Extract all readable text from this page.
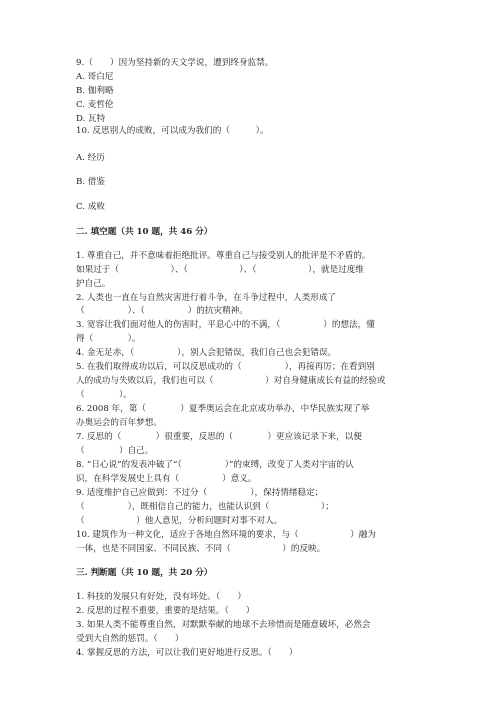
9.（　　）因为坚持新的天文学说，遭到终身监禁。
A. 哥白尼
B. 伽利略
C. 麦哲伦
D. 瓦特
10. 反思别人的成败，可以成为我们的（　　　）。
A. 经历
B. 借鉴
C. 成败
二. 填空题（共 10 题，共 46 分）
1. 尊重自己，并不意味着拒绝批评。尊重自己与接受别人的批评是不矛盾的。
如果过于（　　　　　　）、（　　　　　　）、（　　　　　　），就是过度维
护自己。
2. 人类也一直在与自然灾害进行着斗争，在斗争过程中，人类形成了
（　　　　　）、（　　　　　）的抗灾精神。
3. 宽容让我们面对他人的伤害时，平息心中的不满，（　　　　　）的想法，懂
得（　　　　）。
4. 金无足赤，（　　　　　），别人会犯错误，我们自己也会犯错误。
5. 在我们取得成功以后，可以反思成功的（　　　　　），再接再厉；在看到别
人的成功与失败以后，我们也可以（　　　　　　）对自身健康成长有益的经验或
（　　　　）。
6. 2008 年，第（　　　　）夏季奥运会在北京成功举办，中华民族实现了举
办奥运会的百年梦想。
7. 反思的（　　　　）很重要，反思的（　　　　）更应该记录下来，以便
（　　　　）自己。
8. “日心说”的发表冲破了“（　　　　　）”的束缚，改变了人类对宇宙的认
识，在科学发展史上具有（　　　　　）意义。
9. 适度维护自己应做到：不过分（　　　　　），保持情绪稳定；
（　　　　　），既相信自己的能力，也能认识到（　　　　　　）；
（　　　　　　）他人意见，分析问题时对事不对人。
10. 建筑作为一种文化，适应于各地自然环境的要求，与（　　　　　　）融为
一体，也是不同国家、不同民族、不同（　　　　　　）的反映。
三. 判断题（共 10 题，共 20 分）
1. 科技的发展只有好处，没有坏处。（　　）
2. 反思的过程不重要，重要的是结果。（　　）
3. 如果人类不能尊重自然，对默默奉献的地球不去珍惜而是随意破坏，必然会
受到大自然的惩罚。（　　）
4. 掌握反思的方法，可以让我们更好地进行反思。（　　）
